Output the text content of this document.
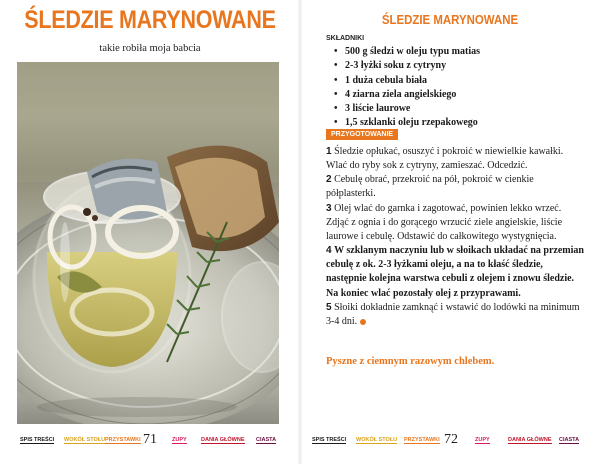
ŚLEDZIE MARYNOWANE
takie robiła moja babcia
SPIS TREŚCI WOKÓŁ STOŁU PRZYSTAWKI 71	ZUPY	DANIA GŁÓWNE CIASTA
ŚLEDZIE MARYNOWANE
SKŁADNIKI
• 500 g śledzi w oleju typu matias
• 2-3 łyżki soku z cytryny
• 1 duża cebula biała
• 4 ziarna ziela angielskiego
• 3 liście laurowe
• 1,5 szklanki oleju rzepakowego
PRZYGOTOWANIE

1 Śledzie opłukać, osuszyć i pokroić w niewielkie kawałki. Wlać do ryby sok z cytryny, zamieszać. Odcedzić.

2 Cebulę obrać, przekroić na pół, pokroić w cienkie półplasterki.

3 Olej wlać do garnka i zagotować, powinien lekko wrzeć. Zdjąć z ognia i do gorącego wrzucić ziele angielskie, liście laurowe i cebulę. Odstawić do całkowitego wystygnięcia.

4 W szklanym naczyniu lub w słoikach układać na przemian cebulę z ok. 2-3 łyżkami oleju, a na to kłaść śledzie, następnie kolejna warstwa cebuli z olejem i znowu śledzie. Na koniec wlać pozostały olej z przyprawami.

5 Słoiki dokładnie zamknąć i wstawić do lodówki na minimum 3-4 dni.

Pyszne z ciemnym razowym chlebem.
SPIS TREŚCI WOKÓŁ STOŁU PRZYSTAWKI 72	ZUPY	DANIA GŁÓWNE CIASTA
